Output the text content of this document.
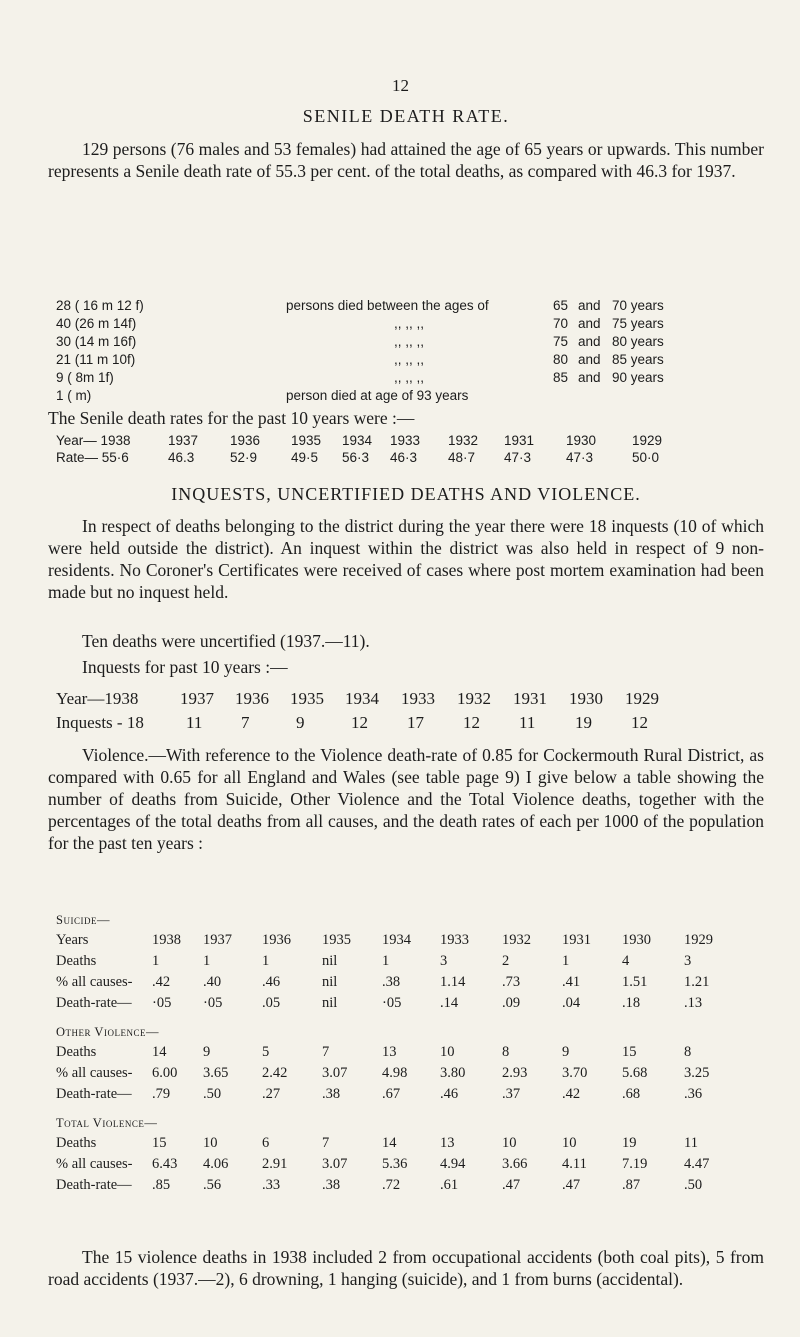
12
SENILE DEATH RATE.

129 persons (76 males and 53 females) had attained the age of 65 years or upwards. This number represents a Senile death rate of 55.3 per cent. of the total deaths, as compared with 46.3 for 1937.

28 ( 16 m 12 f)	persons died between the ages of	65 and 70 years
40 (26 m 14f)	,, ,, ,,	70 and 75 years
30 (14 m 16f)	,, ,, ,,	75 and 80 years
21 (11 m 10f)	,, ,, ,,	80 and 85 years
9 ( 8m 1f)	,, ,, ,,	85 and 90 years
1 ( m)	person died at age of 93 years

The Senile death rates for the past 10 years were :—

Year— 1938	1937	1936	1935	1934	1933	1932	1931	1930	1929
Rate— 55·6	46.3	52·9	49·5	56·3	46·3	48·7	47·3	47·3	50·0
INQUESTS, UNCERTIFIED DEATHS AND VIOLENCE.

In respect of deaths belonging to the district during the year there were 18 inquests (10 of which were held outside the district). An inquest within the district was also held in respect of 9 non-residents. No Coroner's Certificates were received of cases where post mortem examination had been made but no inquest held.

Ten deaths were uncertified (1937.—11).

Inquests for past 10 years :—

Year—1938	1937	1936	1935	1934	1933	1932	1931	1930	1929
Inquests - 18	11	7	9	12	17	12	11	19	12

Violence.—With reference to the Violence death-rate of 0.85 for Cockermouth Rural District, as compared with 0.65 for all England and Wales (see table page 9) I give below a table showing the number of deaths from Suicide, Other Violence and the Total Violence deaths, together with the percentages of the total deaths from all causes, and the death rates of each per 1000 of the population for the past ten years :

Suicide—										
Years	1938	1937	1936	1935	1934	1933	1932	1931	1930	1929
Deaths	1	1	1	nil	1	3	2	1	4	3
% all causes-	.42	.40	.46	nil	.38	1.14	.73	.41	1.51	1.21
Death-rate—	·05	·05	.05	nil	·05	.14	.09	.04	.18	.13

Other Violence—										
Deaths	14	9	5	7	13	10	8	9	15	8
% all causes-	6.00	3.65	2.42	3.07	4.98	3.80	2.93	3.70	5.68	3.25
Death-rate—	.79	.50	.27	.38	.67	.46	.37	.42	.68	.36

Total Violence—										
Deaths	15	10	6	7	14	13	10	10	19	11
% all causes-	6.43	4.06	2.91	3.07	5.36	4.94	3.66	4.11	7.19	4.47
Death-rate—	.85	.56	.33	.38	.72	.61	.47	.47	.87	.50

The 15 violence deaths in 1938 included 2 from occupational accidents (both coal pits), 5 from road accidents (1937.—2), 6 drowning, 1 hanging (suicide), and 1 from burns (accidental).
